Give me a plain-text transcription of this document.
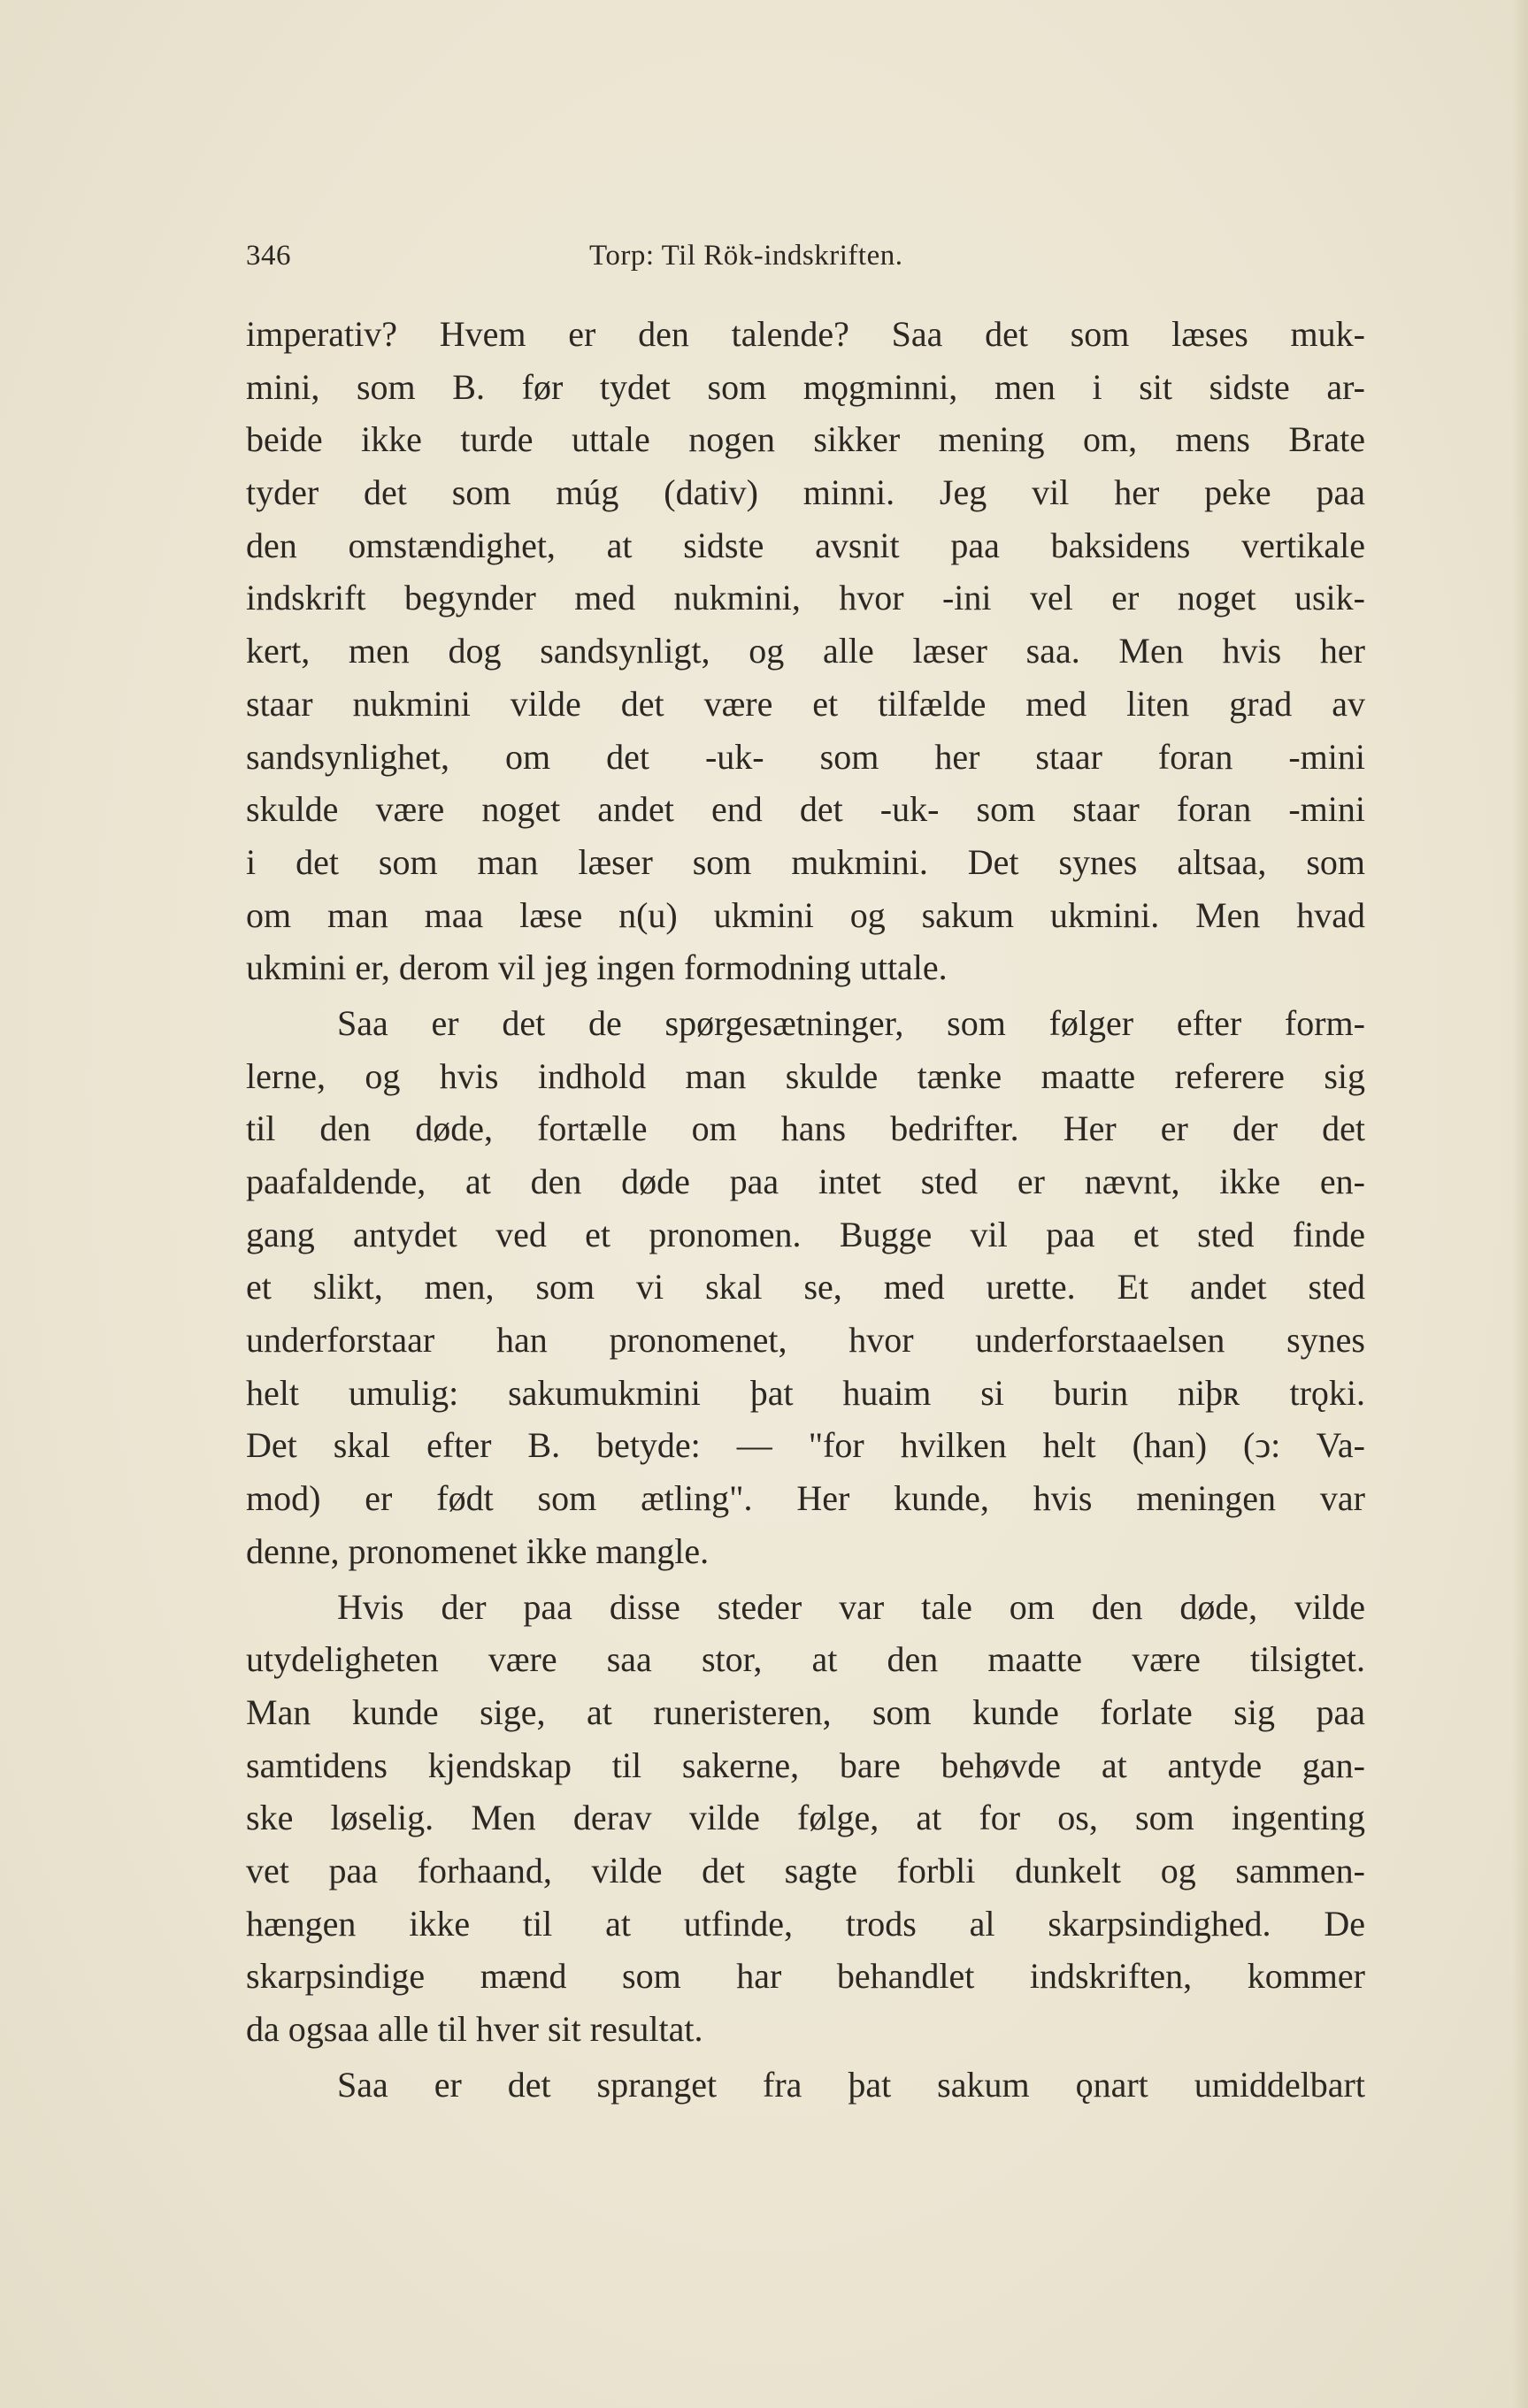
346	Torp: Til Rök-indskriften.
imperativ? Hvem er den talende? Saa det som læses muk-
mini, som B. før tydet som mǫgminni, men i sit sidste ar-
beide ikke turde uttale nogen sikker mening om, mens Brate
tyder det som múg (dativ) minni. Jeg vil her peke paa
den omstændighet, at sidste avsnit paa baksidens vertikale
indskrift begynder med nukmini, hvor -ini vel er noget usik-
kert, men dog sandsynligt, og alle læser saa. Men hvis her
staar nukmini vilde det være et tilfælde med liten grad av
sandsynlighet, om det -uk- som her staar foran -mini
skulde være noget andet end det -uk- som staar foran -mini
i det som man læser som mukmini. Det synes altsaa, som
om man maa læse n(u) ukmini og sakum ukmini. Men hvad
ukmini er, derom vil jeg ingen formodning uttale.
Saa er det de spørgesætninger, som følger efter form-
lerne, og hvis indhold man skulde tænke maatte referere sig
til den døde, fortælle om hans bedrifter. Her er der det
paafaldende, at den døde paa intet sted er nævnt, ikke en-
gang antydet ved et pronomen. Bugge vil paa et sted finde
et slikt, men, som vi skal se, med urette. Et andet sted
underforstaar han pronomenet, hvor underforstaaelsen synes
helt umulig: sakumukmini þat huaim si burin niþʀ trǫki.
Det skal efter B. betyde: — "for hvilken helt (han) (ↄ: Va-
mod) er født som ætling". Her kunde, hvis meningen var
denne, pronomenet ikke mangle.
Hvis der paa disse steder var tale om den døde, vilde
utydeligheten være saa stor, at den maatte være tilsigtet.
Man kunde sige, at runeristeren, som kunde forlate sig paa
samtidens kjendskap til sakerne, bare behøvde at antyde gan-
ske løselig. Men derav vilde følge, at for os, som ingenting
vet paa forhaand, vilde det sagte forbli dunkelt og sammen-
hængen ikke til at utfinde, trods al skarpsindighed. De
skarpsindige mænd som har behandlet indskriften, kommer
da ogsaa alle til hver sit resultat.
Saa er det spranget fra þat sakum ǫnart umiddelbart
